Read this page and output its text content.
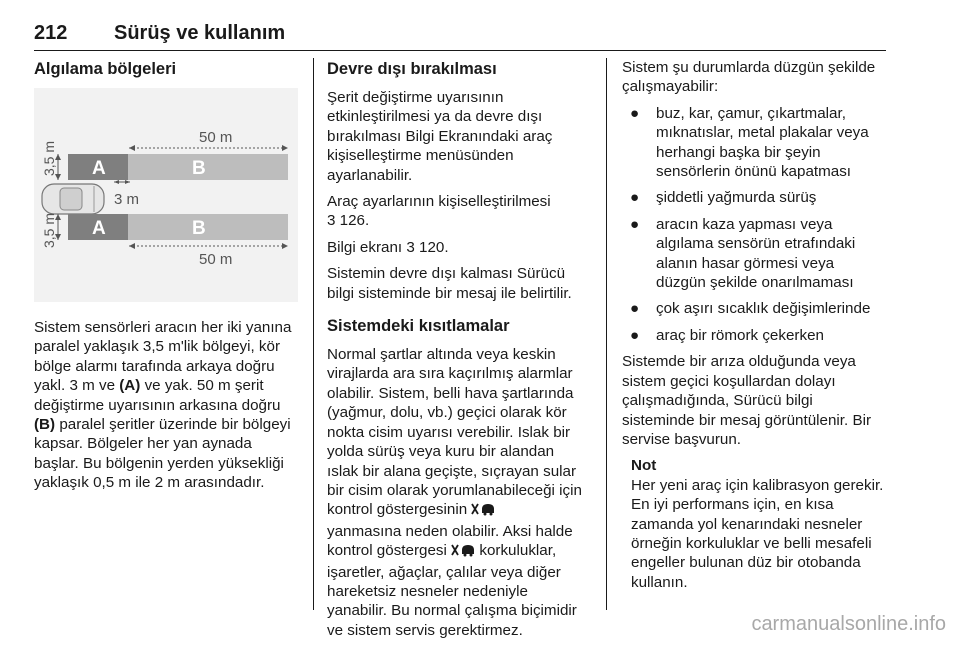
212 Sürüş ve kullanım
Algılama bölgeleri
50 m
A	B
3,5 m
3 m
A	B
3,5 m
50 m

Sistem sensörleri aracın her iki yanına paralel yaklaşık 3,5 m'lik bölgeyi, kör bölge alarmı tarafında arkaya doğru yakl. 3 m ve (A) ve yak. 50 m şerit değiştirme uyarısının arkasına doğru (B) paralel şeritler üzerinde bir bölgeyi kapsar. Bölgeler her yan aynada başlar. Bu bölgenin yerden yüksekliği yaklaşık 0,5 m ile 2 m arasındadır.

Devre dışı bırakılması

Şerit değiştirme uyarısının etkinleştirilmesi ya da devre dışı bırakılması Bilgi Ekranındaki araç kişiselleştirme menüsünden ayarlanabilir.

Araç ayarlarının kişiselleştirilmesi
3 126.

Bilgi ekranı 3 120.

Sistemin devre dışı kalması Sürücü bilgi sisteminde bir mesaj ile belirtilir.

Sistemdeki kısıtlamalar

Normal şartlar altında veya keskin virajlarda ara sıra kaçırılmış alarmlar olabilir. Sistem, belli hava şartlarında (yağmur, dolu, vb.) geçici olarak kör nokta cisim uyarısı verebilir. Islak bir yolda sürüş veya kuru bir alandan ıslak bir alana geçişte, sıçrayan sular bir cisim olarak yorumlanabileceği için kontrol göstergesinin
yanmasına neden olabilir. Aksi halde kontrol göstergesi korkuluklar, işaretler, ağaçlar, çalılar veya diğer hareketsiz nesneler nedeniyle yanabilir. Bu normal çalışma biçimidir ve sistem servis gerektirmez.

Sistem şu durumlarda düzgün şekilde çalışmayabilir:

● buz, kar, çamur, çıkartmalar, mıknatıslar, metal plakalar veya herhangi başka bir şeyin sensörlerin önünü kapatması
● şiddetli yağmurda sürüş
● aracın kaza yapması veya algılama sensörün etrafındaki alanın hasar görmesi veya düzgün şekilde onarılmaması
● çok aşırı sıcaklık değişimlerinde
● araç bir römork çekerken

Sistemde bir arıza olduğunda veya sistem geçici koşullardan dolayı çalışmadığında, Sürücü bilgi sisteminde bir mesaj görüntülenir. Bir servise başvurun.

Not
Her yeni araç için kalibrasyon gerekir. En iyi performans için, en kısa zamanda yol kenarındaki nesneler örneğin korkuluklar ve belli mesafeli engeller bulunan düz bir otobanda kullanın.
carmanualsonline.info
